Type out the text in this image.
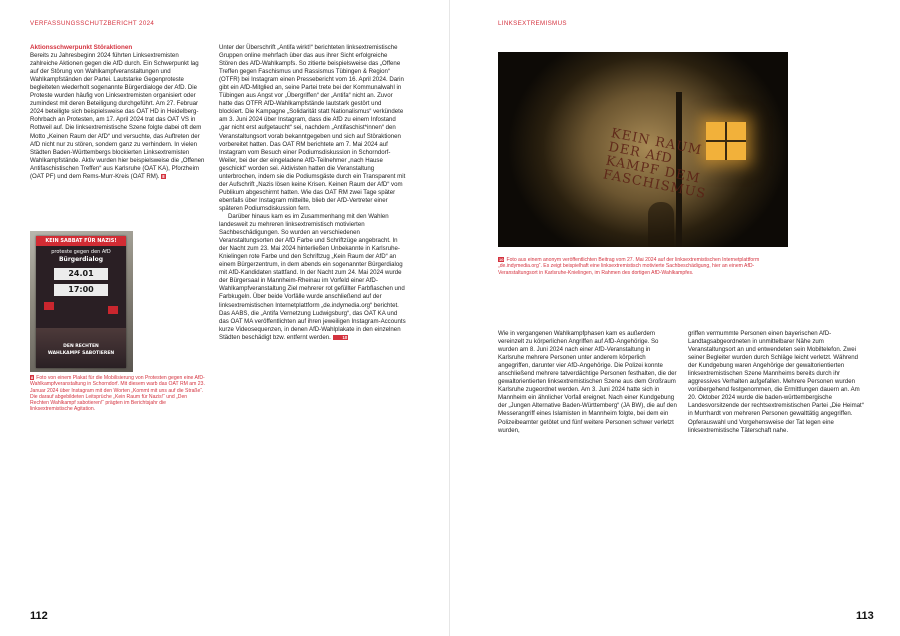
VERFASSUNGSSCHUTZBERICHT 2024
Aktionsschwerpunkt Störaktionen

Bereits zu Jahresbeginn 2024 führten Linksextremisten zahlreiche Aktionen gegen die AfD durch. Ein Schwerpunkt lag auf der Störung von Wahlkampfveranstaltungen und Wahlkampfständen der Partei. Lautstarke Gegenproteste begleiteten wiederholt sogenannte Bürgerdialoge der AfD. Die Proteste wurden häufig von Linksextremisten organisiert oder zumindest mit deren Beteiligung durchgeführt. Am 27. Februar 2024 beteiligte sich beispielsweise das OAT HD in Heidelberg-Rohrbach an Protesten, am 17. April 2024 trat das OAT VS in Rottweil auf. Die linksextremistische Szene folgte dabei oft dem Motto „Keinen Raum der AfD“ und versuchte, das Auftreten der AfD nicht nur zu stören, sondern ganz zu verhindern. In vielen Städten Baden-Württembergs blockierten Linksextremisten Wahlkampfstände. Aktiv wurden hier beispielsweise die „Offenen Antifaschistischen Treffen“ aus Karlsruhe (OAT KA), Pforzheim (OAT PF) und dem Rems-Murr-Kreis (OAT RM). 8

KEIN SABBAT FÜR NAZIS!
proteste gegen den AfD
Bürgerdialog
24.01
17:00
DEN RECHTEN
WAHLKAMPF SABOTIEREN
8 Foto von einem Plakat für die Mobilisierung von Protesten gegen eine AfD-Wahlkampfveranstaltung in Schorndorf. Mit diesem warb das OAT RM am 23. Januar 2024 über Instagram mit den Worten „Kommt mit uns auf die Straße“. Die darauf abgebildeten Leitsprüche „Kein Raum für Nazis!“ und „Den Rechten Wahlkampf sabotieren!“ prägten im Berichtsjahr die linksextremistische Agitation.

Unter der Überschrift „Antifa wirkt!“ berichteten linksextremistische Gruppen online mehrfach über das aus ihrer Sicht erfolgreiche Stören des AfD-Wahlkampfs. So zitierte beispielsweise das „Offene Treffen gegen Faschismus und Rassismus Tübingen & Region“ (OTFR) bei Instagram einen Pressebericht vom 16. April 2024. Darin gibt ein AfD-Mitglied an, seine Partei trete bei der Kommunalwahl in Tübingen aus Angst vor „Übergriffen“ der „Antifa“ nicht an. Zuvor hatte das OTFR AfD-Wahlkampfstände lautstark gestört und blockiert. Die Kampagne „Solidarität statt Nationalismus“ verkündete am 3. Juni 2024 über Instagram, dass die AfD zu einem Infostand „gar nicht erst aufgetaucht“ sei, nachdem „Antifaschist*innen“ den Veranstaltungsort vorab bekanntgegeben und sich auf Störaktionen vorbereitet hatten. Das OAT RM berichtete am 7. Mai 2024 auf Instagram vom Besuch einer Podiumsdiskussion in Schorndorf-Weiler, bei der der eingeladene AfD-Teilnehmer „nach Hause geschickt“ worden sei. Aktivisten hatten die Veranstaltung unterbrochen, indem sie die Podiumsgäste durch ein Transparent mit der Aufschrift „Nazis lösen keine Krisen. Keinen Raum der AfD“ vom Publikum abgeschirmt hatten. Wie das OAT RM zwei Tage später ebenfalls über Instagram mitteilte, blieb der AfD-Vertreter einer späteren Podiumsdiskussion fern.

Darüber hinaus kam es im Zusammenhang mit den Wahlen landesweit zu mehreren linksextremistisch motivierten Sachbeschädigungen. So wurden an verschiedenen Veranstaltungsorten der AfD Farbe und Schriftzüge angebracht. In der Nacht zum 23. Mai 2024 hinterließen Unbekannte in Karlsruhe-Knielingen rote Farbe und den Schriftzug „Kein Raum der AfD“ an einem Bürgerzentrum, in dem abends ein sogenannter Bürgerdialog mit AfD-Kandidaten stattfand. In der Nacht zum 24. Mai 2024 wurde der Bürgersaal in Mannheim-Rheinau im Vorfeld einer AfD-Wahlkampfveranstaltung Ziel mehrerer rot gefüllter Farbflaschen und Farbkugeln. Über beide Vorfälle wurde anschließend auf der linksextremistischen Internetplattform „de.indymedia.org“ berichtet. Das AABS, die „Antifa Vernetzung Ludwigsburg“, das OAT KA und das OAT MA veröffentlichten auf ihren jeweiligen Instagram-Accounts kurze Videosequenzen, in denen AfD-Wahlplakate in den einzelnen Städten beschädigt bzw. entfernt werden.	10

112
LINKSEXTREMISMUS
KEIN RAUM DER AfD KAMPF DEM FASCHISMUS
10 Foto aus einem anonym veröffentlichten Beitrag vom 27. Mai 2024 auf der linksextremistischen Internetplattform „de.indymedia.org“. Es zeigt beispielhaft eine linksextremistisch motivierte Sachbeschädigung, hier an einem AfD-Veranstaltungsort in Karlsruhe-Knielingen, im Rahmen des dortigen AfD-Wahlkampfes.

Wie in vergangenen Wahlkampfphasen kam es außerdem vereinzelt zu körperlichen Angriffen auf AfD-Angehörige. So wurden am 8. Juni 2024 nach einer AfD-Veranstaltung in Karlsruhe mehrere Personen unter anderem körperlich angegriffen, darunter vier AfD-Angehörige. Die Polizei konnte anschließend mehrere tatverdächtige Personen festhalten, die der gewaltorientierten linksextremistischen Szene aus dem Großraum Karlsruhe zugeordnet werden. Am 3. Juni 2024 hatte sich in Mannheim ein ähnlicher Vorfall ereignet. Nach einer Kundgebung der „Jungen Alternative Baden-Württemberg“ (JA BW), die auf den Messerangriff eines Islamisten in Mannheim folgte, bei dem ein Polizeibeamter getötet und fünf weitere Personen schwer verletzt wurden,

griffen vermummte Personen einen bayerischen AfD-Landtagsabgeordneten in unmittelbarer Nähe zum Veranstaltungsort an und entwendeten sein Mobiltelefon. Zwei seiner Begleiter wurden durch Schläge leicht verletzt. Während der Kundgebung waren Angehörige der gewaltorientierten linksextremistischen Szene Mannheims bereits durch ihr aggressives Verhalten aufgefallen. Mehrere Personen wurden vorübergehend festgenommen, die Ermittlungen dauern an. Am 20. Oktober 2024 wurde die baden-württembergische Landesvorsitzende der rechtsextremistischen Partei „Die Heimat“ in Murrhardt von mehreren Personen gewalttätig angegriffen. Opferauswahl und Vorgehensweise der Tat legen eine linksextremistische Täterschaft nahe.

113
